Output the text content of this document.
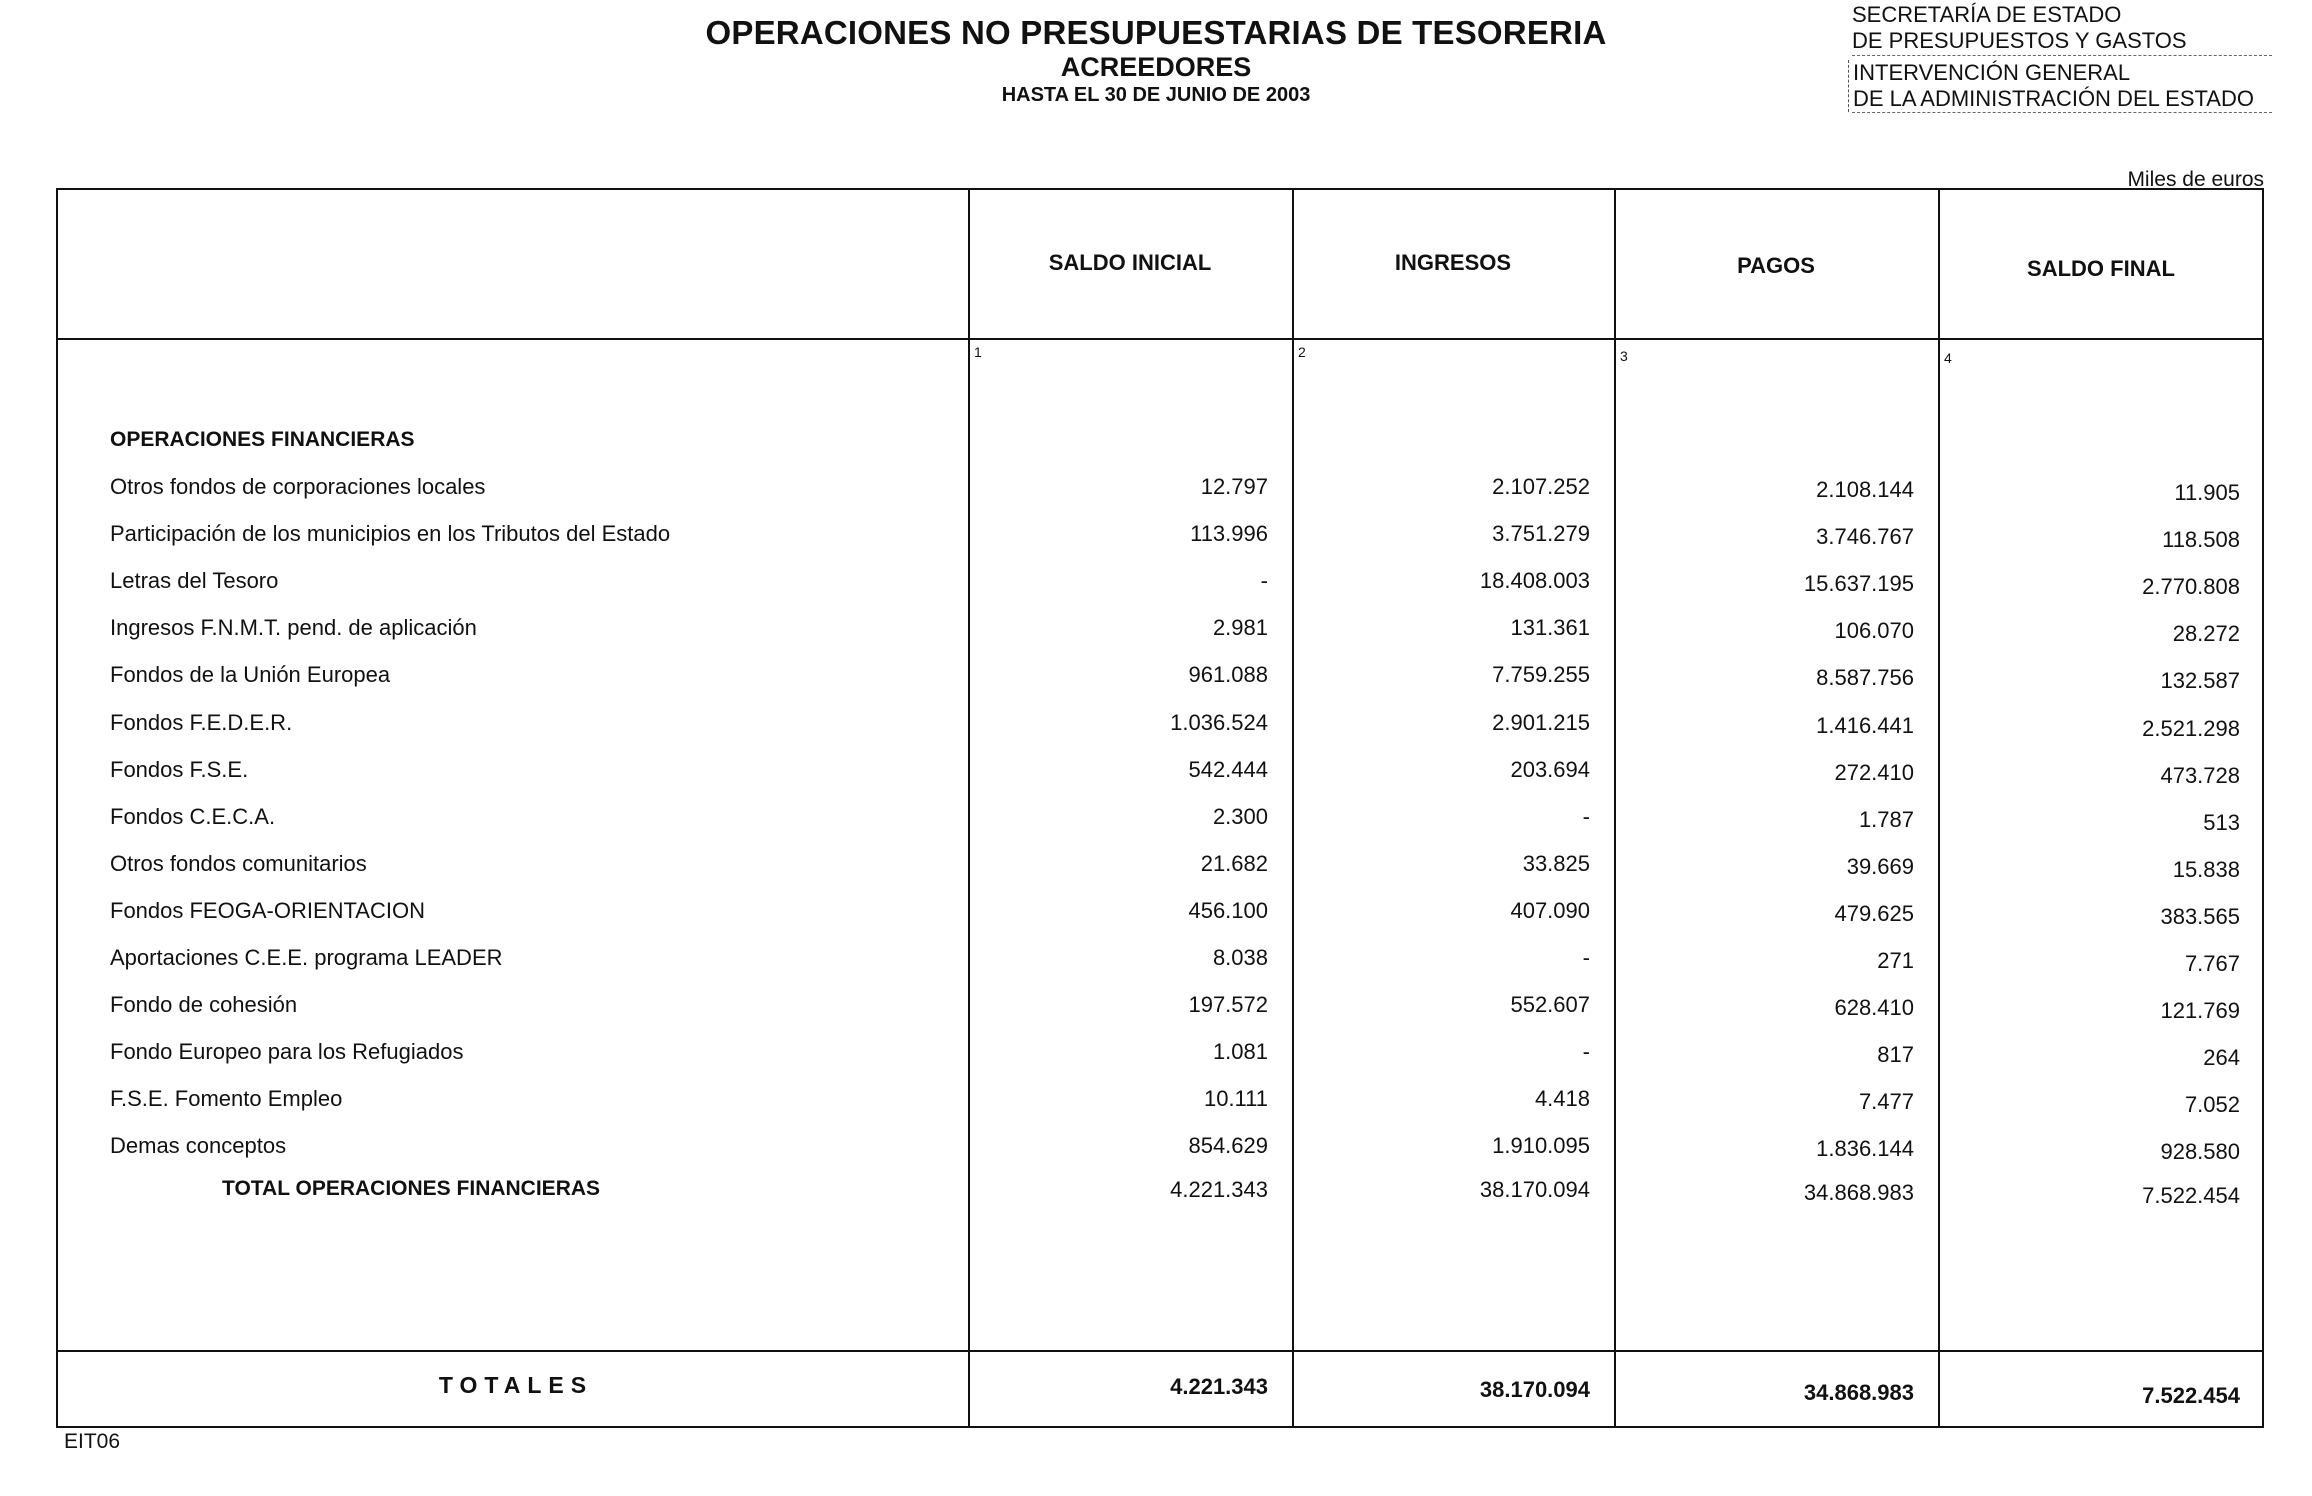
OPERACIONES NO PRESUPUESTARIAS DE TESORERIA
ACREEDORES
HASTA EL 30 DE JUNIO DE 2003
SECRETARÍA DE ESTADO
DE PRESUPUESTOS Y GASTOS
INTERVENCIÓN GENERAL
DE LA ADMINISTRACIÓN DEL ESTADO
Miles de euros
SALDO INICIAL	INGRESOS	PAGOS	SALDO FINAL
1	2	3	4
OPERACIONES FINANCIERAS
Otros fondos de corporaciones locales	12.797	2.107.252	2.108.144	11.905
Participación de los municipios en los Tributos del Estado	113.996	3.751.279	3.746.767	118.508
Letras del Tesoro	-	18.408.003	15.637.195	2.770.808
Ingresos F.N.M.T. pend. de aplicación	2.981	131.361	106.070	28.272
Fondos de la Unión Europea	961.088	7.759.255	8.587.756	132.587
Fondos F.E.D.E.R.	1.036.524	2.901.215	1.416.441	2.521.298
Fondos F.S.E.	542.444	203.694	272.410	473.728
Fondos C.E.C.A.	2.300	-	1.787	513
Otros fondos comunitarios	21.682	33.825	39.669	15.838
Fondos FEOGA-ORIENTACION	456.100	407.090	479.625	383.565
Aportaciones C.E.E. programa LEADER	8.038	-	271	7.767
Fondo de cohesión	197.572	552.607	628.410	121.769
Fondo Europeo para los Refugiados	1.081	-	817	264
F.S.E. Fomento Empleo	10.111	4.418	7.477	7.052
Demas conceptos	854.629	1.910.095	1.836.144	928.580
TOTAL OPERACIONES FINANCIERAS	4.221.343	38.170.094	34.868.983	7.522.454
TOTALES	4.221.343	38.170.094	34.868.983	7.522.454
EIT06
